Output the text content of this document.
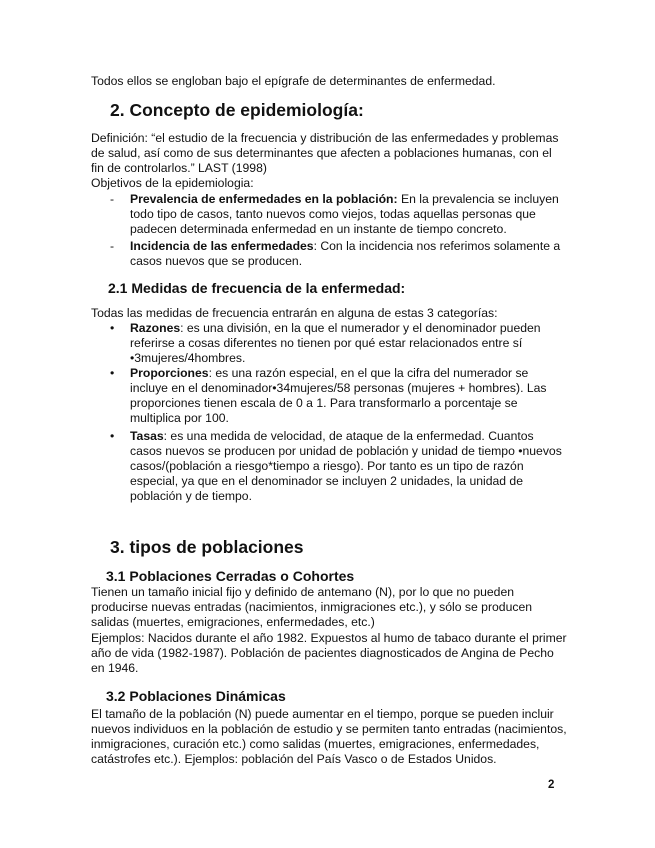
Todos ellos se engloban bajo el epígrafe de determinantes de enfermedad.

2. Concepto de epidemiología:

Definición: “el estudio de la frecuencia y distribución de las enfermedades y problemas de salud, así como de sus determinantes que afecten a poblaciones humanas, con el fin de controlarlos.” LAST (1998)

Objetivos de la epidemiologia:

-	Prevalencia de enfermedades en la población: En la prevalencia se incluyen todo tipo de casos, tanto nuevos como viejos, todas aquellas personas que padecen determinada enfermedad en un instante de tiempo concreto.
-	Incidencia de las enfermedades: Con la incidencia nos referimos solamente a casos nuevos que se producen.
2.1 Medidas de frecuencia de la enfermedad:

Todas las medidas de frecuencia entrarán en alguna de estas 3 categorías:

•	Razones: es una división, en la que el numerador y el denominador pueden referirse a cosas diferentes no tienen por qué estar relacionados entre sí •3mujeres/4hombres.
•	Proporciones: es una razón especial, en el que la cifra del numerador se incluye en el denominador•34mujeres/58 personas (mujeres + hombres). Las proporciones tienen escala de 0 a 1. Para transformarlo a porcentaje se multiplica por 100.
•	Tasas: es una medida de velocidad, de ataque de la enfermedad. Cuantos casos nuevos se producen por unidad de población y unidad de tiempo •nuevos casos/(población a riesgo*tiempo a riesgo). Por tanto es un tipo de razón especial, ya que en el denominador se incluyen 2 unidades, la unidad de población y de tiempo.
3. tipos de poblaciones
3.1 Poblaciones Cerradas o Cohortes

Tienen un tamaño inicial fijo y definido de antemano (N), por lo que no pueden producirse nuevas entradas (nacimientos, inmigraciones etc.), y sólo se producen salidas (muertes, emigraciones, enfermedades, etc.)

Ejemplos: Nacidos durante el año 1982. Expuestos al humo de tabaco durante el primer año de vida (1982-1987). Población de pacientes diagnosticados de Angina de Pecho en 1946.

3.2 Poblaciones Dinámicas

El tamaño de la población (N) puede aumentar en el tiempo, porque se pueden incluir nuevos individuos en la población de estudio y se permiten tanto entradas (nacimientos, inmigraciones, curación etc.) como salidas (muertes, emigraciones, enfermedades, catástrofes etc.). Ejemplos: población del País Vasco o de Estados Unidos.

2
